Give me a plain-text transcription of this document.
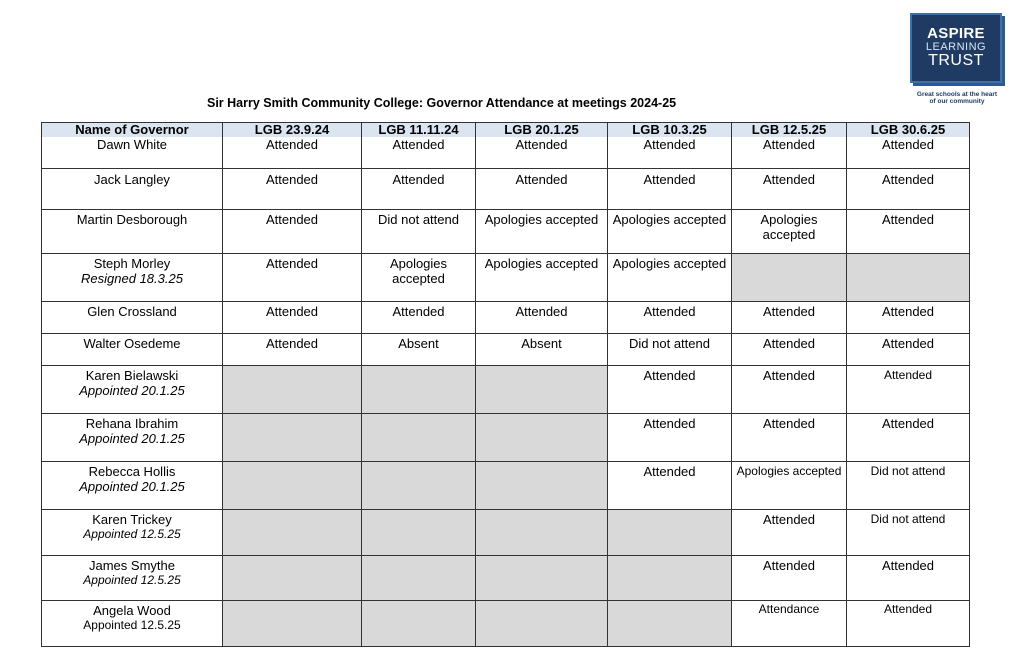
ASPIRE
LEARNING
TRUST
Great schools at the heart
of our community
Sir Harry Smith Community College: Governor Attendance at meetings 2024-25
Name of Governor	LGB 23.9.24	LGB 11.11.24	LGB 20.1.25	LGB 10.3.25	LGB 12.5.25	LGB 30.6.25
Dawn White	Attended	Attended	Attended	Attended	Attended	Attended
Jack Langley	Attended	Attended	Attended	Attended	Attended	Attended
Martin Desborough	Attended	Did not attend	Apologies accepted	Apologies accepted	Apologies accepted	Attended
Steph Morley
Resigned 18.3.25	Attended	Apologies accepted	Apologies accepted	Apologies accepted		
Glen Crossland	Attended	Attended	Attended	Attended	Attended	Attended
Walter Osedeme	Attended	Absent	Absent	Did not attend	Attended	Attended
Karen Bielawski
Appointed 20.1.25				Attended	Attended	Attended
Rehana Ibrahim
Appointed 20.1.25				Attended	Attended	Attended
Rebecca Hollis
Appointed 20.1.25				Attended	Apologies accepted	Did not attend
Karen Trickey
Appointed 12.5.25					Attended	Did not attend
James Smythe
Appointed 12.5.25					Attended	Attended
Angela Wood
Appointed 12.5.25					Attendance	Attended
